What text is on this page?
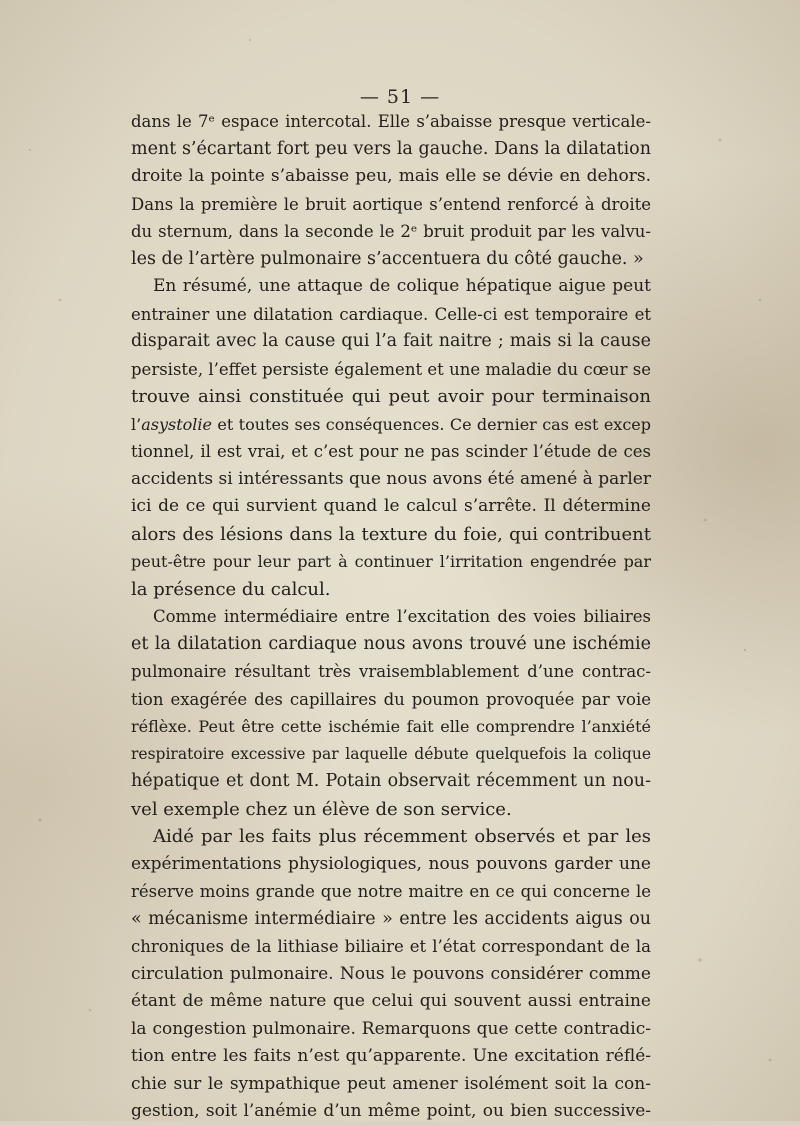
— 51 —
dans le 7ᵉ espace intercotal. Elle s’abaisse presque verticale-
ment s’écartant fort peu vers la gauche. Dans la dilatation
droite la pointe s’abaisse peu, mais elle se dévie en dehors.
Dans la première le bruit aortique s’entend renforcé à droite
du sternum, dans la seconde le 2ᵉ bruit produit par les valvu-
les de l’artère pulmonaire s’accentuera du côté gauche. »
En résumé, une attaque de colique hépatique aigue peut
entrainer une dilatation cardiaque. Celle-ci est temporaire et
disparait avec la cause qui l’a fait naitre ; mais si la cause
persiste, l’effet persiste également et une maladie du cœur se
trouve ainsi constituée qui peut avoir pour terminaison
l’asystolie et toutes ses conséquences. Ce dernier cas est excep
tionnel, il est vrai, et c’est pour ne pas scinder l’étude de ces
accidents si intéressants que nous avons été amené à parler
ici de ce qui survient quand le calcul s’arrête. Il détermine
alors des lésions dans la texture du foie, qui contribuent
peut-être pour leur part à continuer l’irritation engendrée par
la présence du calcul.
Comme intermédiaire entre l’excitation des voies biliaires
et la dilatation cardiaque nous avons trouvé une ischémie
pulmonaire résultant très vraisemblablement d’une contrac-
tion exagérée des capillaires du poumon provoquée par voie
réflèxe. Peut être cette ischémie fait elle comprendre l’anxiété
respiratoire excessive par laquelle débute quelquefois la colique
hépatique et dont M. Potain observait récemment un nou-
vel exemple chez un élève de son service.
Aidé par les faits plus récemment observés et par les
expérimentations physiologiques, nous pouvons garder une
réserve moins grande que notre maitre en ce qui concerne le
« mécanisme intermédiaire » entre les accidents aigus ou
chroniques de la lithiase biliaire et l’état correspondant de la
circulation pulmonaire. Nous le pouvons considérer comme
étant de même nature que celui qui souvent aussi entraine
la congestion pulmonaire. Remarquons que cette contradic-
tion entre les faits n’est qu’apparente. Une excitation réflé-
chie sur le sympathique peut amener isolément soit la con-
gestion, soit l’anémie d’un même point, ou bien successive-
